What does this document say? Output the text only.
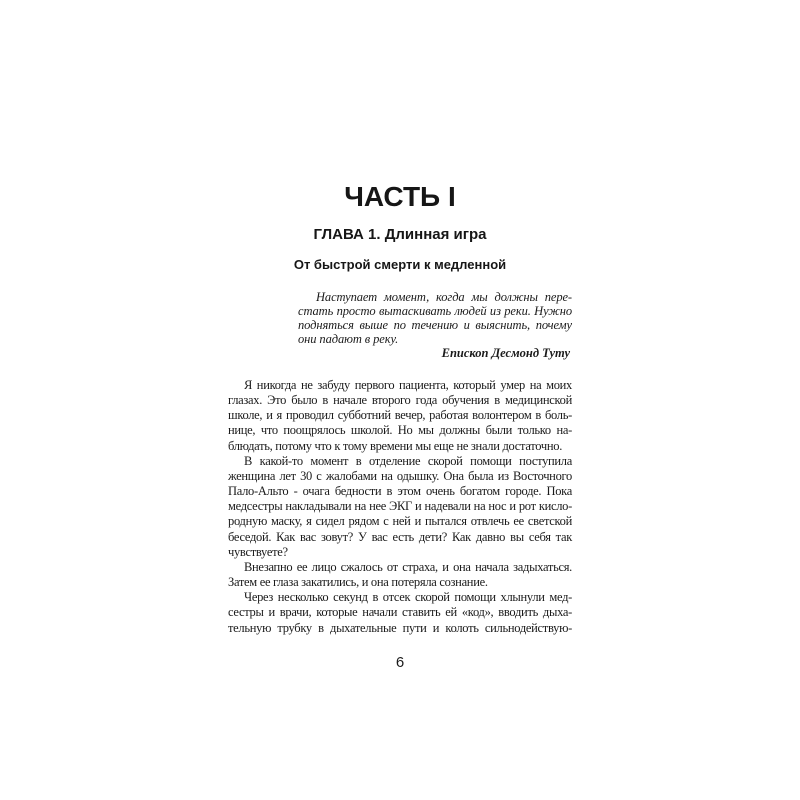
ЧАСТЬ I
ГЛАВА 1. Длинная игра
От быстрой смерти к медленной
Наступает момент, когда мы должны пере-
стать просто вытаскивать людей из реки. Нужно
подняться выше по течению и выяснить, почему
они падают в реку.
Епископ Десмонд Туту
Я никогда не забуду первого пациента, который умер на моих
глазах. Это было в начале второго года обучения в медицинской
школе, и я проводил субботний вечер, работая волонтером в боль-
нице, что поощрялось школой. Но мы должны были только на-
блюдать, потому что к тому времени мы еще не знали достаточно.
В какой-то момент в отделение скорой помощи поступила
женщина лет 30 с жалобами на одышку. Она была из Восточного
Пало-Альто - очага бедности в этом очень богатом городе. Пока
медсестры накладывали на нее ЭКГ и надевали на нос и рот кисло-
родную маску, я сидел рядом с ней и пытался отвлечь ее светской
беседой. Как вас зовут? У вас есть дети? Как давно вы себя так
чувствуете?
Внезапно ее лицо сжалось от страха, и она начала задыхаться.
Затем ее глаза закатились, и она потеряла сознание.
Через несколько секунд в отсек скорой помощи хлынули мед-
сестры и врачи, которые начали ставить ей «код», вводить дыха-
тельную трубку в дыхательные пути и колоть сильнодействую-
6
